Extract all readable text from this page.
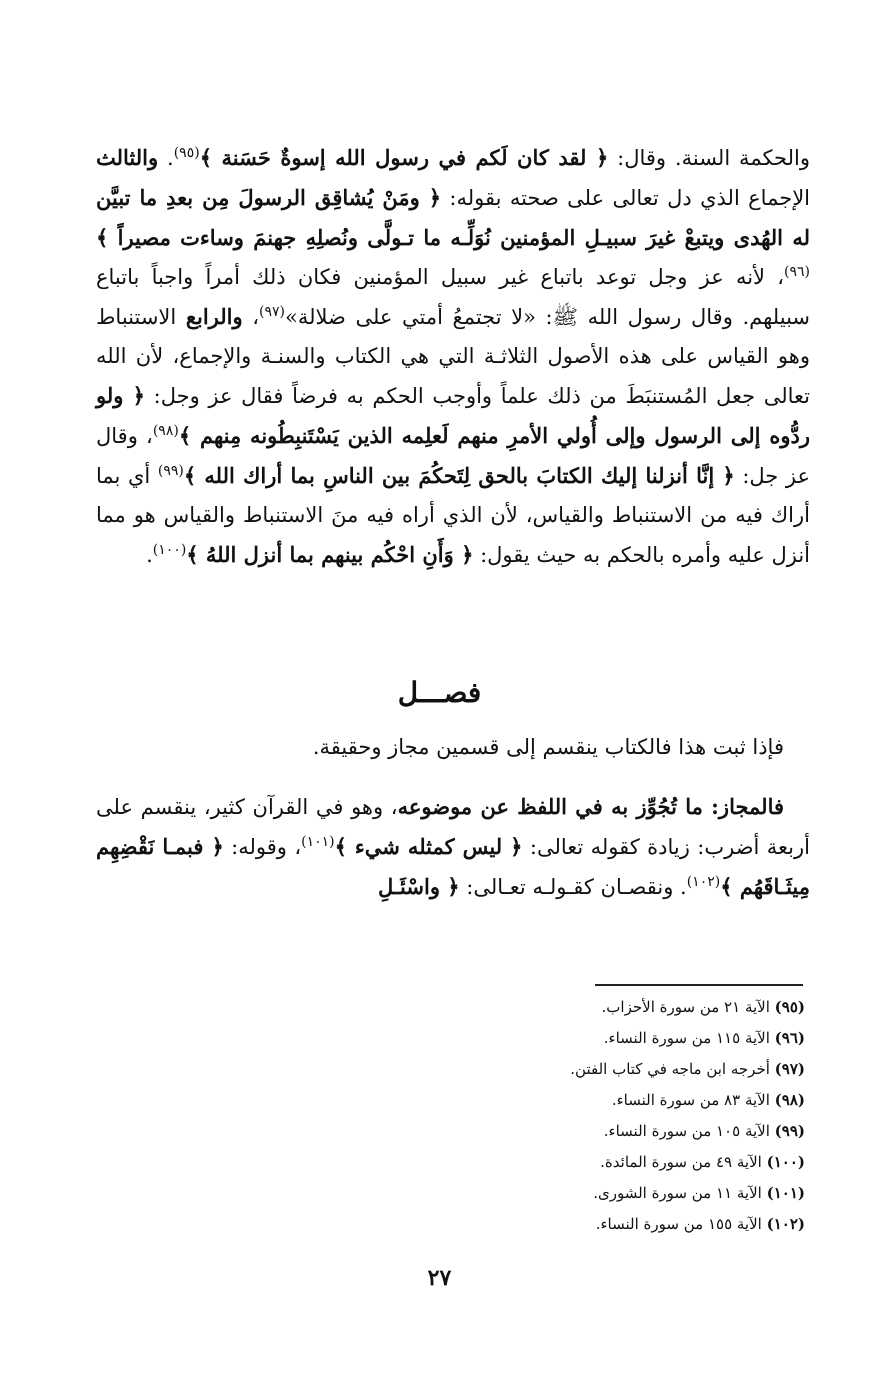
والحكمة السنة. وقال: ﴿ لقد كان لَكم في رسول الله إسوةٌ حَسَنة ﴾$^{(٩٥)}$. والثالث الإجماع الذي دل تعالى على صحته بقوله: ﴿ ومَنْ يُشاقِق الرسولَ مِن بعدِ ما تبيَّن له الهُدى ويتبعْ غيرَ سبيـلِ المؤمنين نُوَلِّـه ما تـولَّى ونُصلِهِ جهنمَ وساءت مصيراً ﴾$^{(٩٦)}$، لأنه عز وجل توعد باتباع غير سبيل المؤمنين فكان ذلك أمراً واجباً باتباع سبيلهم. وقال رسول الله ﷺ: «لا تجتمعُ أمتي على ضلالة»$^{(٩٧)}$، والرابع الاستنباط وهو القياس على هذه الأصول الثلاثـة التي هي الكتاب والسنـة والإجماع، لأن الله تعالى جعل المُستنبَطَ من ذلك علماً وأوجب الحكم به فرضاً فقال عز وجل: ﴿ ولو ردُّوه إلى الرسول وإلى أُولي الأمرِ منهم لَعلِمه الذين يَسْتَنبِطُونه مِنهم ﴾$^{(٩٨)}$، وقال عز جل: ﴿ إنَّا أنزلنا إليك الكتابَ بالحق لِتَحكُمَ بين الناسِ بما أراك الله ﴾$^{(٩٩)}$ أي بما أراك فيه من الاستنباط والقياس، لأن الذي أراه فيه منَ الاستنباط والقياس هو مما أنزل عليه وأمره بالحكم به حيث يقول: ﴿ وَأَنِ احْكُم بينهم بما أنزل اللهُ ﴾$^{(١٠٠)}$.

فصـــل

فإذا ثبت هذا فالكتاب ينقسم إلى قسمين مجاز وحقيقة.

فالمجاز: ما تُجُوِّز به في اللفظ عن موضوعه، وهو في القرآن كثير، ينقسم على أربعة أضرب: زيادة كقوله تعالى: ﴿ ليس كمثله شيء ﴾$^{(١٠١)}$، وقوله: ﴿ فبمـا نَقْضِهِم مِيثَـاقَهُم ﴾$^{(١٠٢)}$. ونقصـان كقـولـه تعـالى: ﴿ واسْئَـلِ

(٩٥) الآية ٢١ من سورة الأحزاب.
(٩٦) الآية ١١٥ من سورة النساء.
(٩٧) أخرجه ابن ماجه في كتاب الفتن.
(٩٨) الآية ٨٣ من سورة النساء.
(٩٩) الآية ١٠٥ من سورة النساء.
(١٠٠) الآية ٤٩ من سورة المائدة.
(١٠١) الآية ١١ من سورة الشورى.
(١٠٢) الآية ١٥٥ من سورة النساء.
٢٧
